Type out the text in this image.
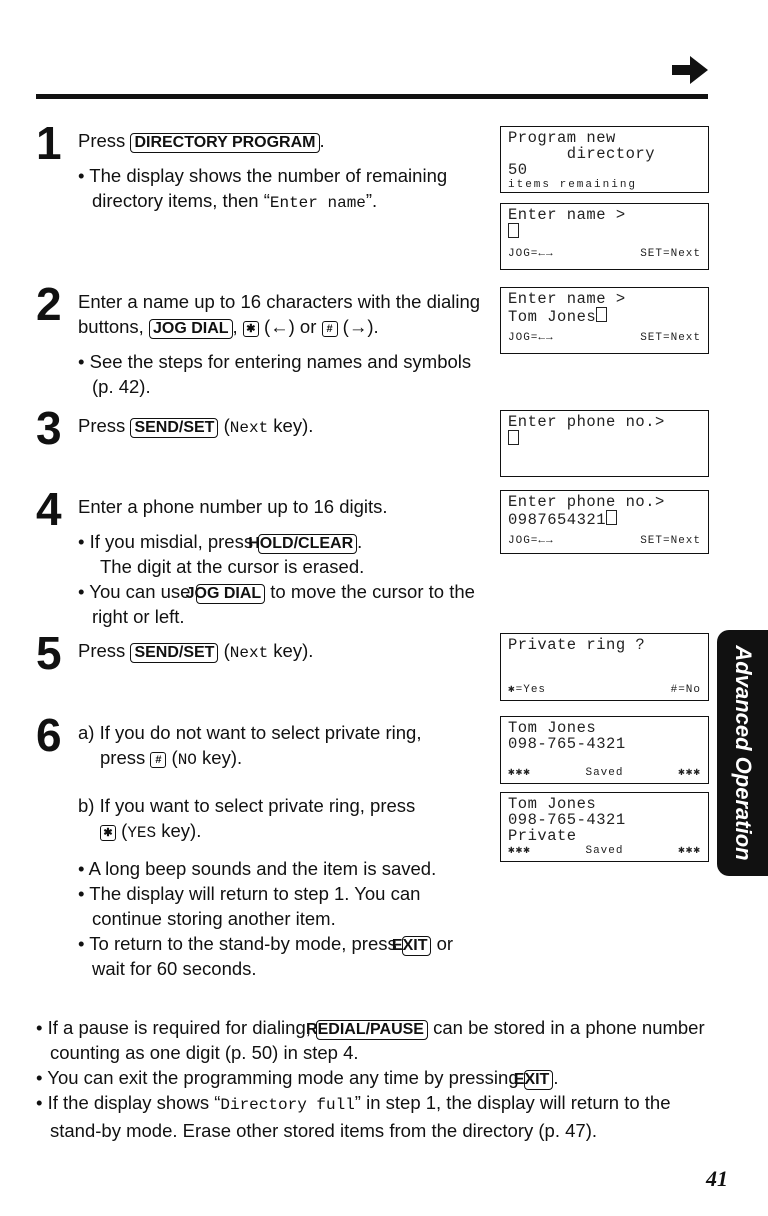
1 Press DIRECTORY PROGRAM .

• The display shows the number of remaining directory items, then “Enter name”.

2 Enter a name up to 16 characters with the dialing buttons, JOG DIAL , ✱ (←) or # (→).

• See the steps for entering names and symbols (p. 42).

3 Press SEND/SET (Next key).

4 Enter a phone number up to 16 digits.

• If you misdial, press HOLD/CLEAR .

The digit at the cursor is erased.

• You can use JOG DIAL to move the cursor to the right or left.

5 Press SEND/SET (Next key).

6 a) If you do not want to select private ring,

press # (NO key).

b) If you want to select private ring, press

✱ (YES key).

• A long beep sounds and the item is saved.

• The display will return to step 1. You can continue storing another item.

• To return to the stand-by mode, press EXIT or wait for 60 seconds.

Program new
directory
50
items remaining
Enter name >
JOG=←→	SET=Next
Enter name >
Tom Jones
JOG=←→	SET=Next
Enter phone no.>
Enter phone no.>
0987654321
JOG=←→	SET=Next
Private ring ?

✱=Yes	#=No
Tom Jones
098-765-4321
✱✱✱	Saved	✱✱✱
Tom Jones
098-765-4321
Private
✱✱✱	Saved	✱✱✱ Advanced Operation

• If a pause is required for dialing, REDIAL/PAUSE can be stored in a phone number counting as one digit (p. 50) in step 4.

• You can exit the programming mode any time by pressing EXIT .

• If the display shows “Directory full” in step 1, the display will return to the stand-by mode. Erase other stored items from the directory (p. 47).

41
